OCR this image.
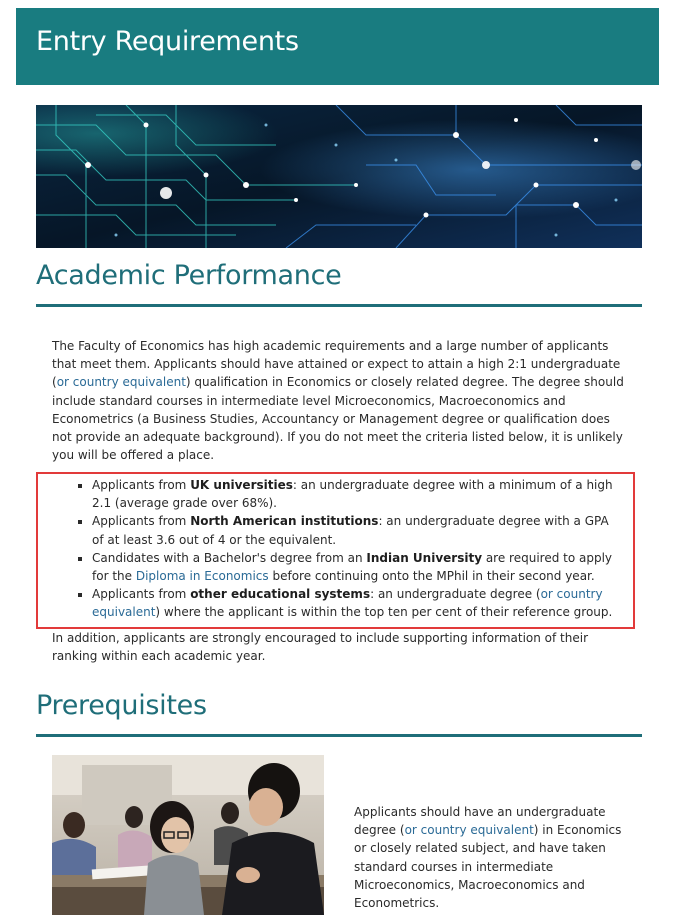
Entry Requirements
Academic Performance

The Faculty of Economics has high academic requirements and a large number of applicants that meet them. Applicants should have attained or expect to attain a high 2:1 undergraduate (or country equivalent) qualification in Economics or closely related degree. The degree should include standard courses in intermediate level Microeconomics, Macroeconomics and Econometrics (a Business Studies, Accountancy or Management degree or qualification does not provide an adequate background). If you do not meet the criteria listed below, it is unlikely you will be offered a place.

▪ Applicants from UK universities: an undergraduate degree with a minimum of a high 2.1 (average grade over 68%).
▪ Applicants from North American institutions: an undergraduate degree with a GPA of at least 3.6 out of 4 or the equivalent.
▪ Candidates with a Bachelor's degree from an Indian University are required to apply for the Diploma in Economics before continuing onto the MPhil in their second year.
▪ Applicants from other educational systems: an undergraduate degree (or country equivalent) where the applicant is within the top ten per cent of their reference group.

In addition, applicants are strongly encouraged to include supporting information of their ranking within each academic year.

Prerequisites

Applicants should have an undergraduate degree (or country equivalent) in Economics or closely related subject, and have taken standard courses in intermediate Microeconomics, Macroeconomics and Econometrics.
